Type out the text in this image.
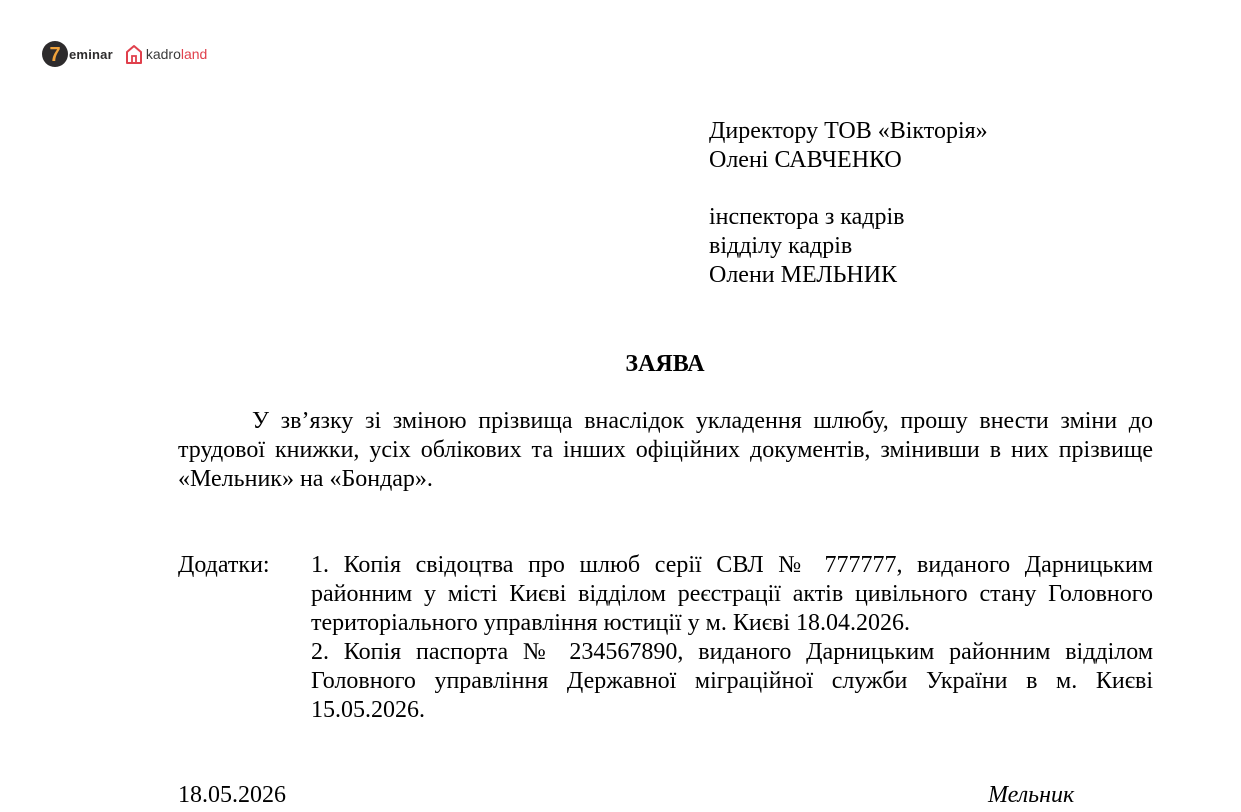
7 eminar kadroland
Директору ТОВ «Вікторія»
Олені САВЧЕНКО
інспектора з кадрів
відділу кадрів
Олени МЕЛЬНИК
ЗАЯВА
У зв’язку зі зміною прізвища внаслідок укладення шлюбу, прошу внести зміни до трудової книжки, усіх облікових та інших офіційних документів, змінивши в них прізвище «Мельник» на «Бондар».
Додатки: 1. Копія свідоцтва про шлюб серії СВЛ № 777777, виданого Дарницьким районним у місті Києві відділом реєстрації актів цивільного стану Головного територіального управління юстиції у м. Києві 18.04.2026.
2. Копія паспорта № 234567890, виданого Дарницьким районним відділом Головного управління Державної міграційної служби України в м. Києві 15.05.2026.
18.05.2026	Мельник
